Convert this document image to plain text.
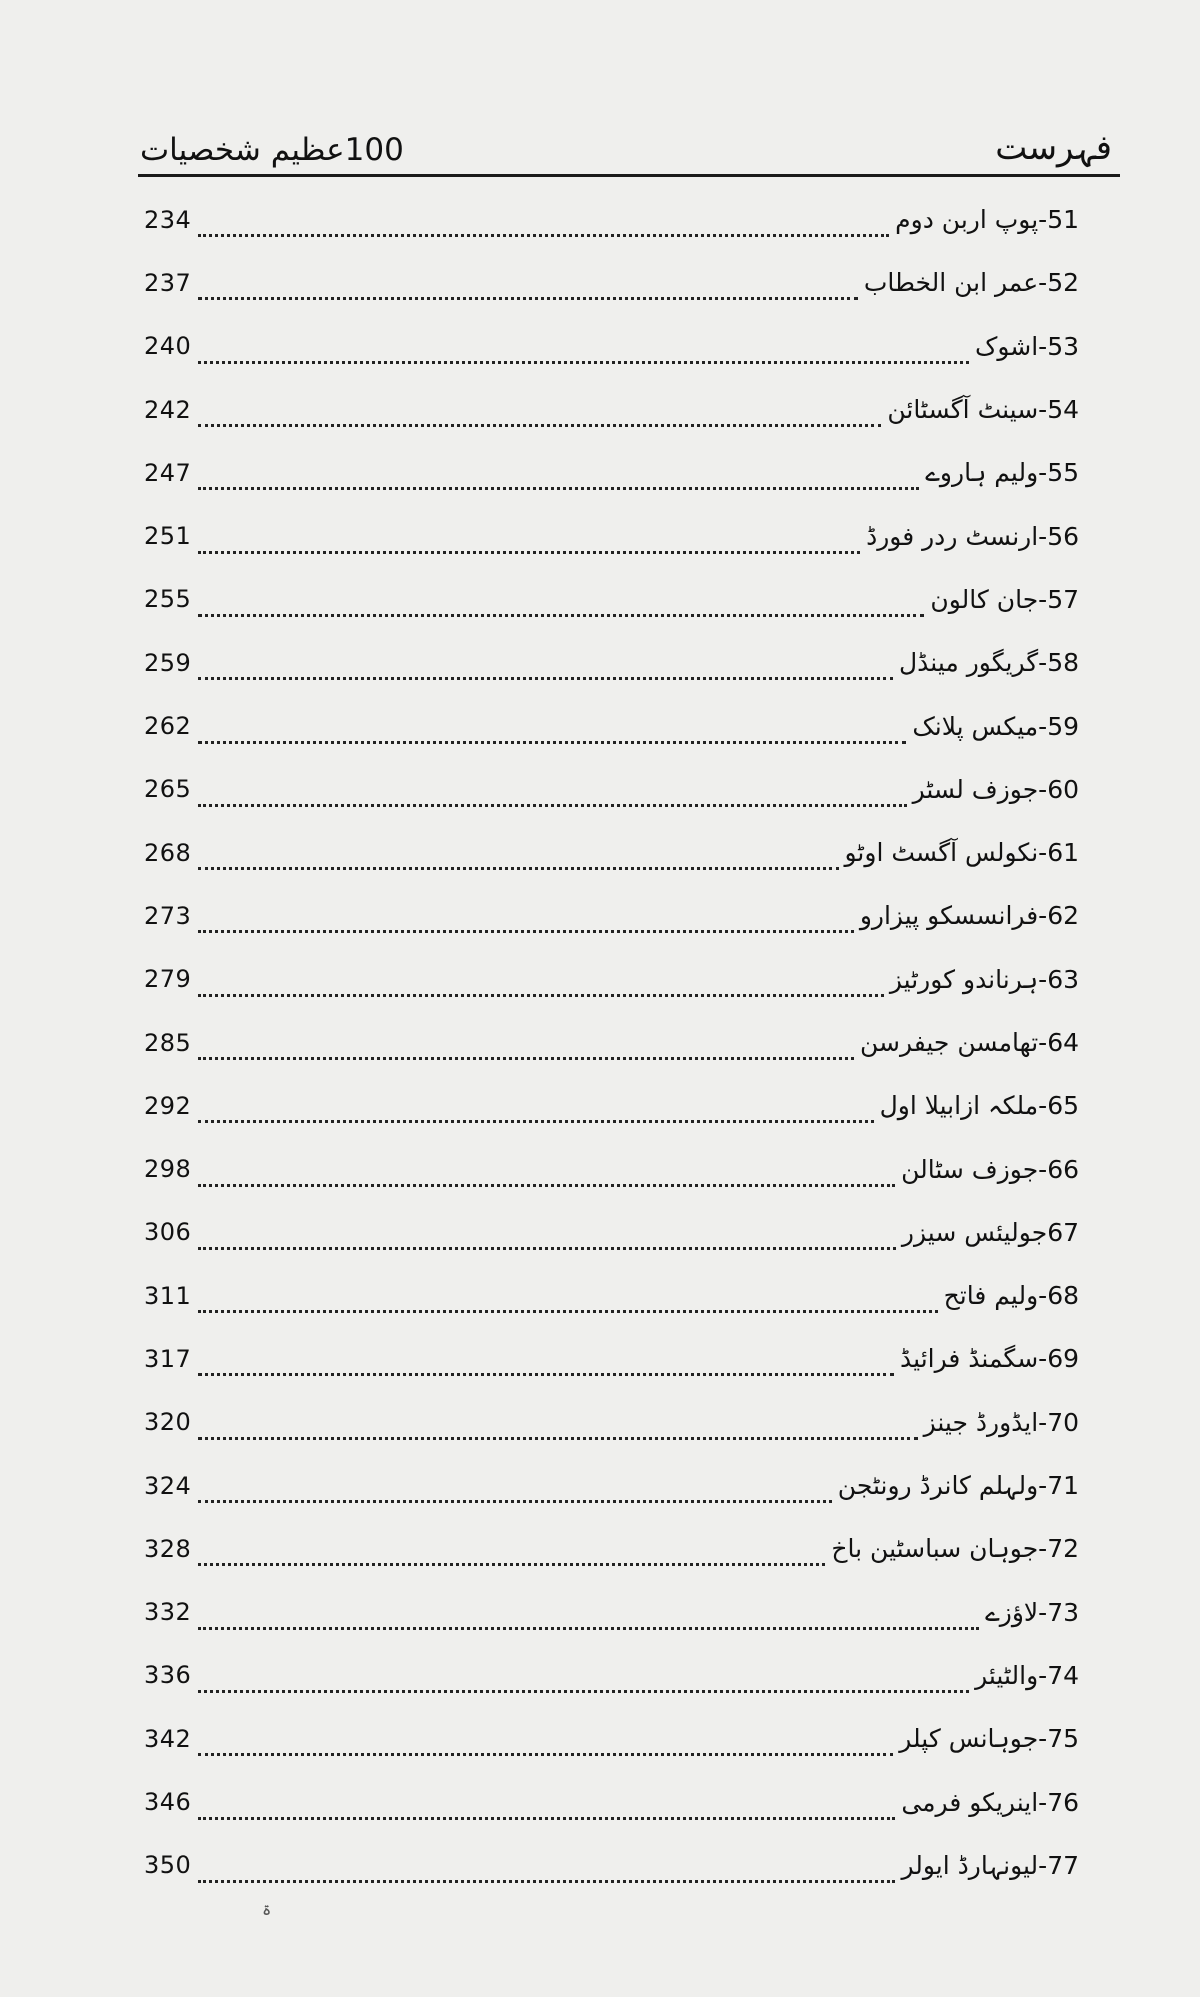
فہرست
100عظیم شخصیات
234	51-پوپ اربن دوم
237	52-عمر ابن الخطاب
240	53-اشوک
242	54-سینٹ آگسٹائن
247	55-ولیم ہاروے
251	56-ارنسٹ ردر فورڈ
255	57-جان کالون
259	58-گریگور مینڈل
262	59-میکس پلانک
265	60-جوزف لسٹر
268	61-نکولس آگسٹ اوٹو
273	62-فرانسسکو پیزارو
279	63-ہرناندو کورٹیز
285	64-تھامسن جیفرسن
292	65-ملکہ ازابیلا اول
298	66-جوزف سٹالن
306	67جولیئس سیزر
311	68-ولیم فاتح
317	69-سگمنڈ فرائیڈ
320	70-ایڈورڈ جینز
324	71-ولہلم کانرڈ رونٹجن
328	72-جوہان سباسٹین باخ
332	73-لاؤزے
336	74-والٹیئر
342	75-جوہانس کپلر
346	76-اینریکو فرمی
350	77-لیونہارڈ ایولر
ۃ
